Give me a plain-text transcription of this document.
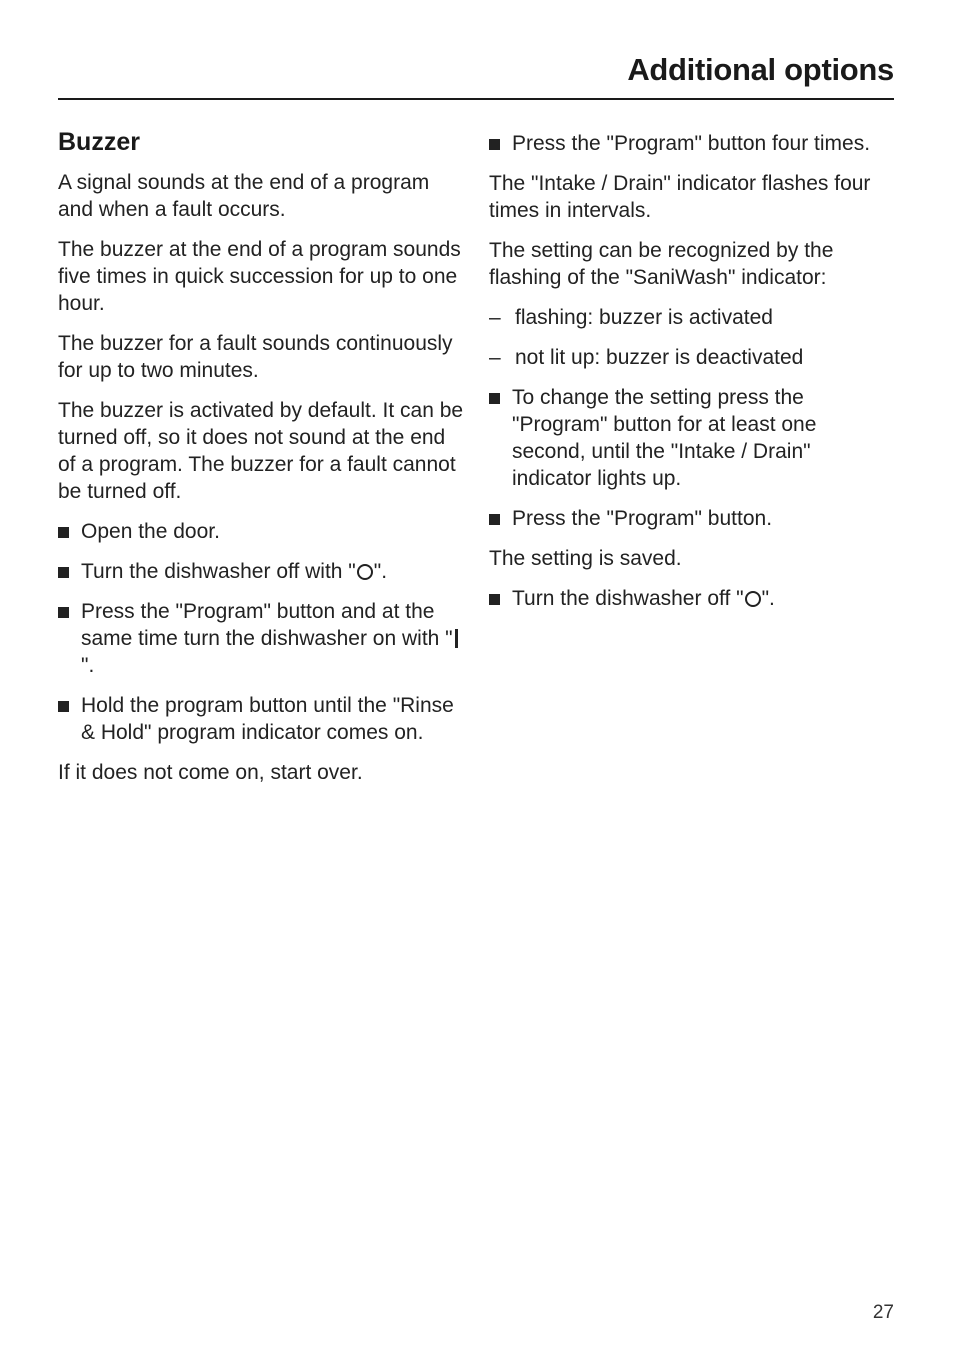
Additional options
Buzzer

A signal sounds at the end of a program and when a fault occurs.

The buzzer at the end of a program sounds five times in quick succession for up to one hour.

The buzzer for a fault sounds continuously for up to two minutes.

The buzzer is activated by default. It can be turned off, so it does not sound at the end of a program. The buzzer for a fault cannot be turned off.

Open the door.
Turn the dishwasher off with " ".
Press the "Program" button and at the same time turn the dishwasher on with "".
Hold the program button until the "Rinse & Hold" program indicator comes on.

If it does not come on, start over.

Press the "Program" button four times.

The "Intake / Drain" indicator flashes four times in intervals.

The setting can be recognized by the flashing of the "SaniWash" indicator:

– flashing: buzzer is activated
– not lit up: buzzer is deactivated
To change the setting press the "Program" button for at least one second, until the "Intake / Drain" indicator lights up.
Press the "Program" button.

The setting is saved.

Turn the dishwasher off " ".
27
